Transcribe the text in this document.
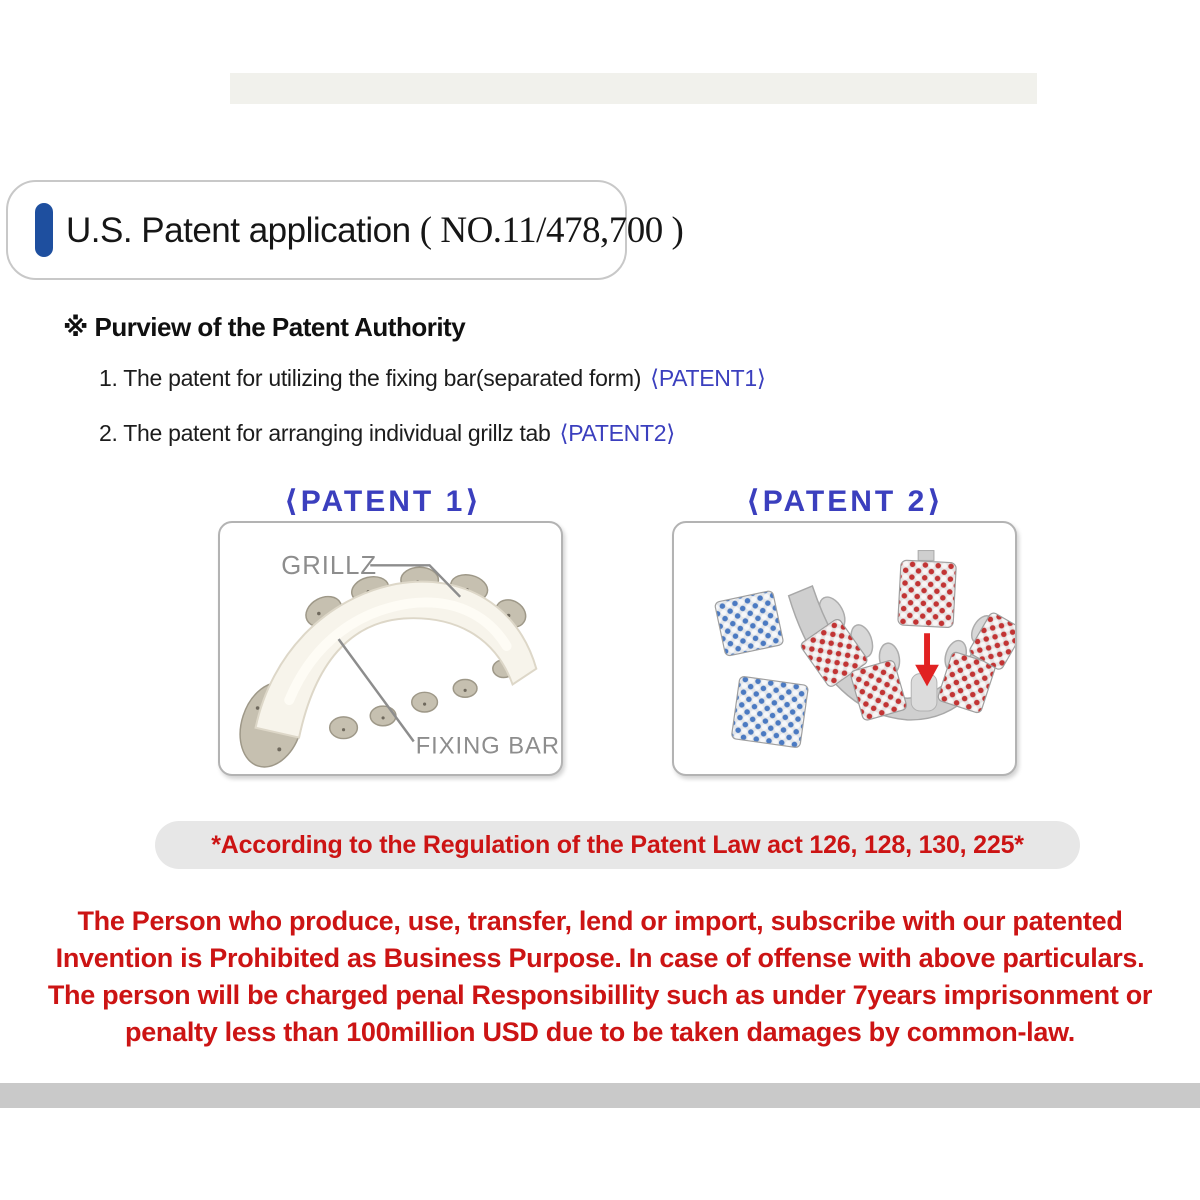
U.S. Patent application ( NO.11/478,700 )
※ Purview of the Patent Authority
1. The patent for utilizing the fixing bar(separated form) ⟨PATENT1⟩
2. The patent for arranging individual grillz tab ⟨PATENT2⟩
⟨PATENT 1⟩	⟨PATENT 2⟩
GRILLZ
FIXING BAR
*According to the Regulation of the Patent Law act 126, 128, 130, 225*
The Person who produce, use, transfer, lend or import, subscribe with our patented
Invention is Prohibited as Business Purpose. In case of offense with above particulars.
The person will be charged penal Responsibillity such as under 7years imprisonment or
penalty less than 100million USD due to be taken damages by common-law.
